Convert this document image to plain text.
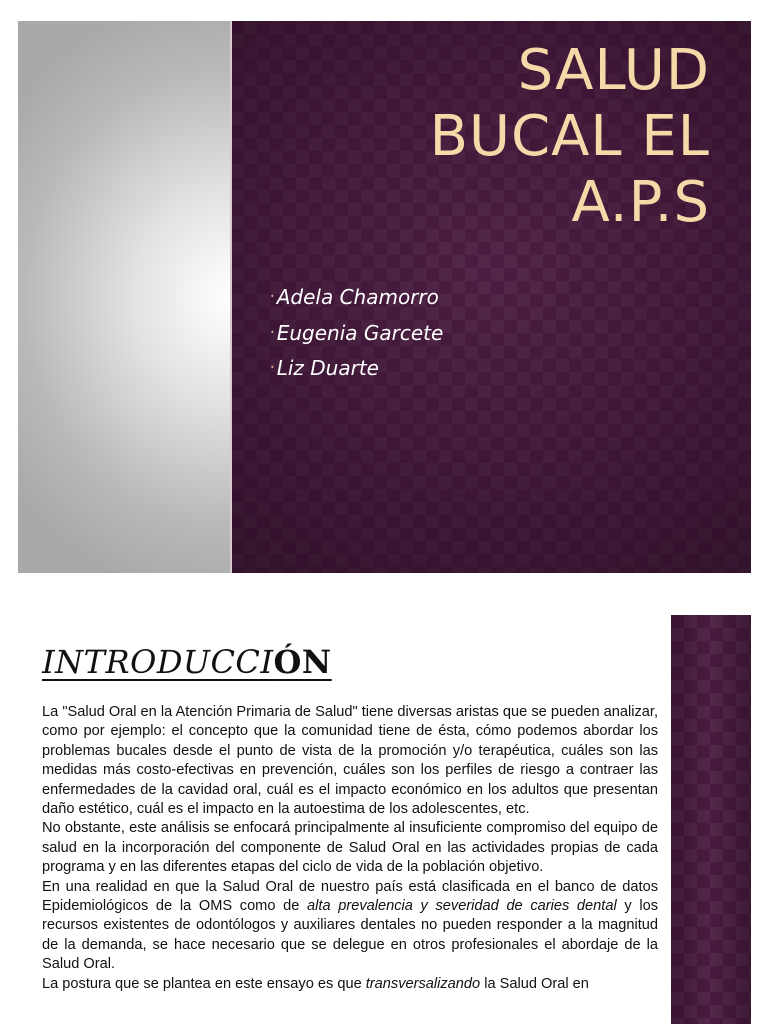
SALUD
BUCAL EL
A.P.S
• Adela Chamorro
• Eugenia Garcete
• Liz Duarte
INTRODUCCIÓN

La "Salud Oral en la Atención Primaria de Salud" tiene diversas aristas que se pueden analizar, como por ejemplo: el concepto que la comunidad tiene de ésta, cómo podemos abordar los problemas bucales desde el punto de vista de la promoción y/o terapéutica, cuáles son las medidas más costo-efectivas en prevención, cuáles son los perfiles de riesgo a contraer las enfermedades de la cavidad oral, cuál es el impacto económico en los adultos que presentan daño estético, cuál es el impacto en la autoestima de los adolescentes, etc.

No obstante, este análisis se enfocará principalmente al insuficiente compromiso del equipo de salud en la incorporación del componente de Salud Oral en las actividades propias de cada programa y en las diferentes etapas del ciclo de vida de la población objetivo.

En una realidad en que la Salud Oral de nuestro país está clasificada en el banco de datos Epidemiológicos de la OMS como de alta prevalencia y severidad de caries dental y los recursos existentes de odontólogos y auxiliares dentales no pueden responder a la magnitud de la demanda, se hace necesario que se delegue en otros profesionales el abordaje de la Salud Oral.

La postura que se plantea en este ensayo es que transversalizando la Salud Oral en
